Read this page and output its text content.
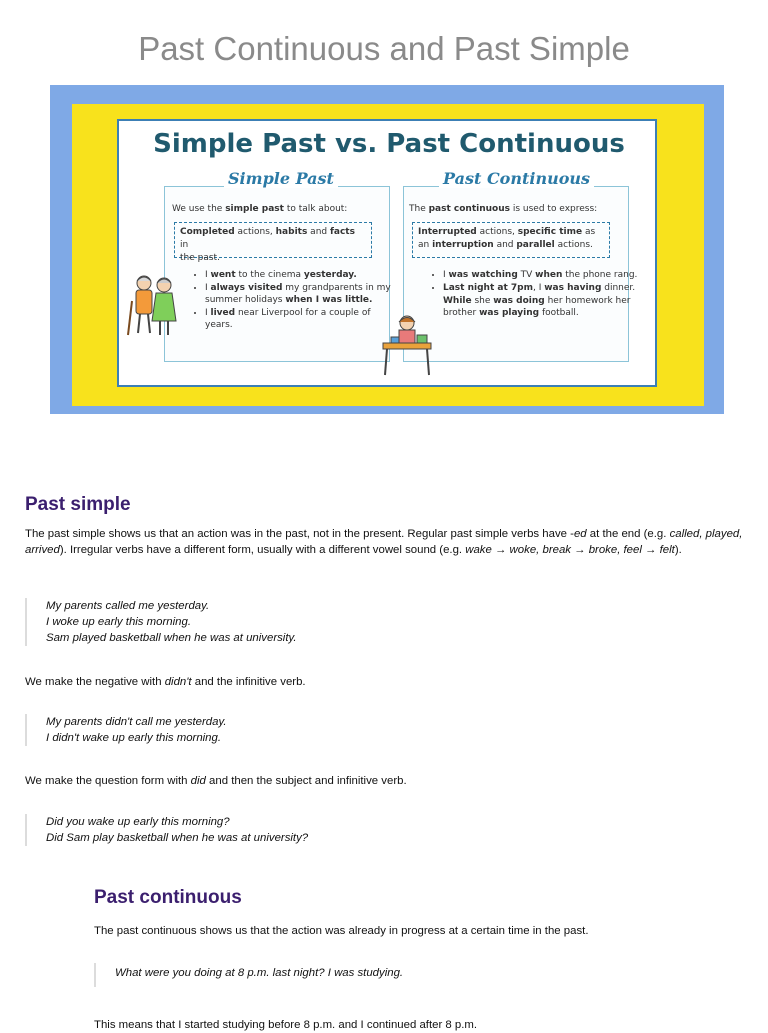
Past Continuous and Past Simple
Simple Past vs. Past Continuous
Simple Past	Past Continuous
We use the simple past to talk about:	The past continuous is used to express:
Completed actions, habits and facts in
the past.
Interrupted actions, specific time as
an interruption and parallel actions.
• I went to the cinema yesterday.
• I always visited my grandparents in my summer holidays when I was little.
• I lived near Liverpool for a couple of years.
• I was watching TV when the phone rang.
• Last night at 7pm, I was having dinner.
While she was doing her homework her brother was playing football.
Past simple

The past simple shows us that an action was in the past, not in the present. Regular past simple verbs have -ed at the end (e.g. called, played, arrived). Irregular verbs have a different form, usually with a different vowel sound (e.g. wake → woke, break → broke, feel → felt).

My parents called me yesterday.
I woke up early this morning.
Sam played basketball when he was at university.

We make the negative with didn't and the infinitive verb.

My parents didn't call me yesterday.
I didn't wake up early this morning.

We make the question form with did and then the subject and infinitive verb.

Did you wake up early this morning?
Did Sam play basketball when he was at university?
Past continuous

The past continuous shows us that the action was already in progress at a certain time in the past.

What were you doing at 8 p.m. last night? I was studying.

This means that I started studying before 8 p.m. and I continued after 8 p.m.
